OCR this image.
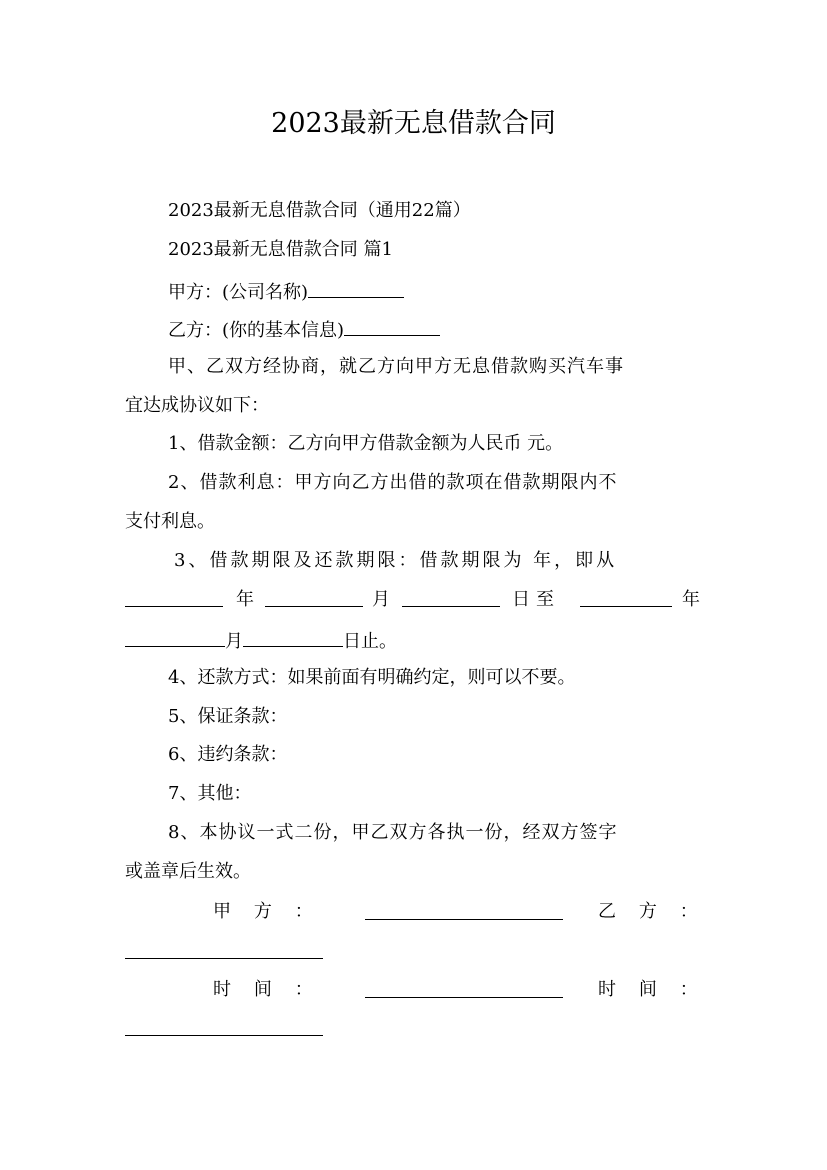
2023最新无息借款合同
2023最新无息借款合同（通用22篇）
2023最新无息借款合同 篇1
甲方：(公司名称)
乙方：(你的基本信息)
甲、乙双方经协商，就乙方向甲方无息借款购买汽车事
宜达成协议如下：
1、借款金额：乙方向甲方借款金额为人民币 元。
2、借款利息：甲方向乙方出借的款项在借款期限内不
支付利息。
3、借款期限及还款期限：借款期限为 年，即从
年	月	日至	年
月	日止。
4、还款方式：如果前面有明确约定，则可以不要。
5、保证条款：
6、违约条款：
7、其他：
8、本协议一式二份，甲乙双方各执一份，经双方签字
或盖章后生效。
甲    方    ：	乙    方    ：
时    间    ：	时    间    ：
